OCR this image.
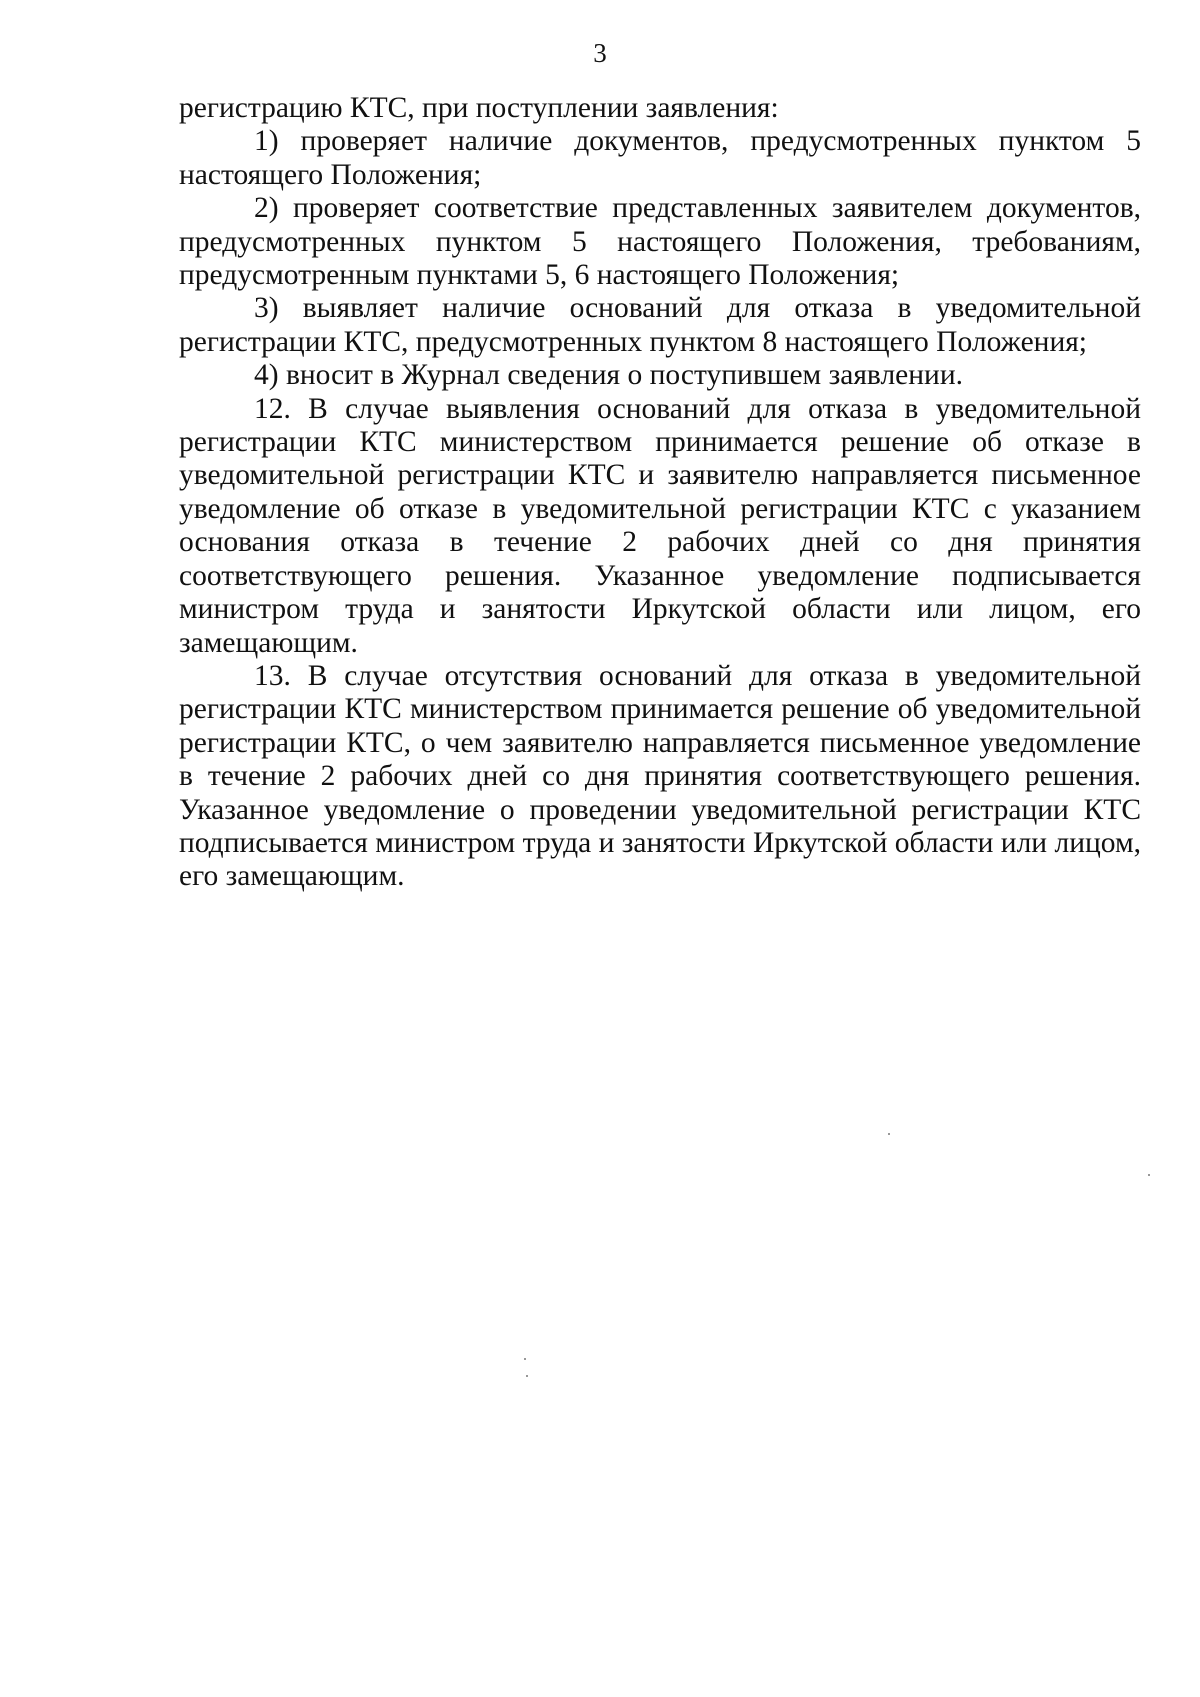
3

регистрацию КТС, при поступлении заявления:

1) проверяет наличие документов, предусмотренных пунктом 5 настоящего Положения;

2) проверяет соответствие представленных заявителем документов, предусмотренных пунктом 5 настоящего Положения, требованиям, предусмотренным пунктами 5, 6 настоящего Положения;

3) выявляет наличие оснований для отказа в уведомительной регистрации КТС, предусмотренных пунктом 8 настоящего Положения;

4) вносит в Журнал сведения о поступившем заявлении.

12. В случае выявления оснований для отказа в уведомительной регистрации КТС министерством принимается решение об отказе в уведомительной регистрации КТС и заявителю направляется письменное уведомление об отказе в уведомительной регистрации КТС с указанием основания отказа в течение 2 рабочих дней со дня принятия соответствующего решения. Указанное уведомление подписывается министром труда и занятости Иркутской области или лицом, его замещающим.

13. В случае отсутствия оснований для отказа в уведомительной регистрации КТС министерством принимается решение об уведомительной регистрации КТС, о чем заявителю направляется письменное уведомление в течение 2 рабочих дней со дня принятия соответствующего решения. Указанное уведомление о проведении уведомительной регистрации КТС подписывается министром труда и занятости Иркутской области или лицом, его замещающим.
